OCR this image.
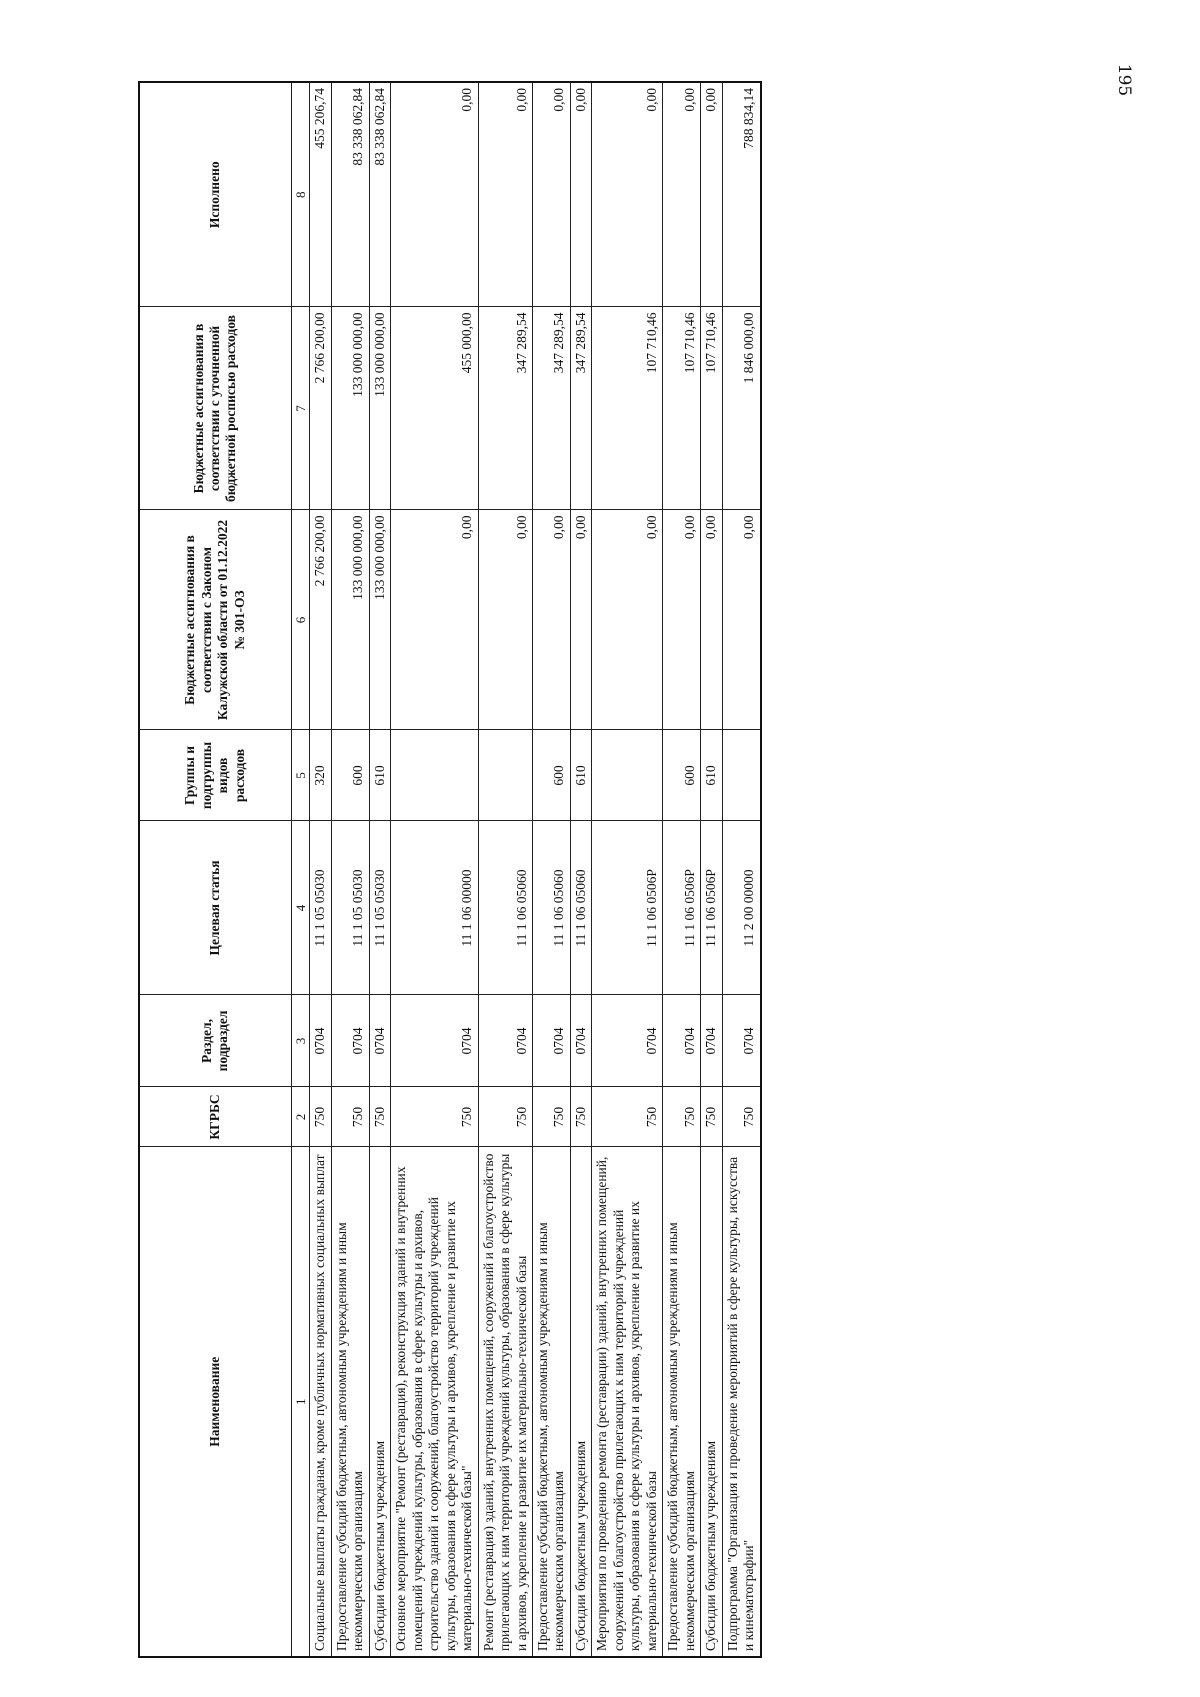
195
Наименование	КГРБС	Раздел, подраздел	Целевая статья	Группы и подгруппы видов расходов	Бюджетные ассигнования в соответствии с Законом Калужской области от 01.12.2022 № 301-ОЗ	Бюджетные ассигнования в соответствии с уточненной бюджетной росписью расходов	Исполнено
1	2	3	4	5	6	7	8
Социальные выплаты гражданам, кроме публичных нормативных социальных выплат	750	0704	11 1 05 05030	320	2 766 200,00	2 766 200,00	455 206,74
Предоставление субсидий бюджетным, автономным учреждениям и иным некоммерческим организациям	750	0704	11 1 05 05030	600	133 000 000,00	133 000 000,00	83 338 062,84
Субсидии бюджетным учреждениям	750	0704	11 1 05 05030	610	133 000 000,00	133 000 000,00	83 338 062,84
Основное мероприятие "Ремонт (реставрация), реконструкция зданий и внутренних помещений учреждений культуры, образования в сфере культуры и архивов, строительство зданий и сооружений, благоустройство территорий учреждений культуры, образования в сфере культуры и архивов, укрепление и развитие их материально-технической базы"	750	0704	11 1 06 00000		0,00	455 000,00	0,00
Ремонт (реставрация) зданий, внутренних помещений, сооружений и благоустройство прилегающих к ним территорий учреждений культуры, образования в сфере культуры и архивов, укрепление и развитие их материально-технической базы	750	0704	11 1 06 05060		0,00	347 289,54	0,00
Предоставление субсидий бюджетным, автономным учреждениям и иным некоммерческим организациям	750	0704	11 1 06 05060	600	0,00	347 289,54	0,00
Субсидии бюджетным учреждениям	750	0704	11 1 06 05060	610	0,00	347 289,54	0,00
Мероприятия по проведению ремонта (реставрации) зданий, внутренних помещений, сооружений и благоустройство прилегающих к ним территорий учреждений культуры, образования в сфере культуры и архивов, укрепление и развитие их материально-технической базы	750	0704	11 1 06 0506Р		0,00	107 710,46	0,00
Предоставление субсидий бюджетным, автономным учреждениям и иным некоммерческим организациям	750	0704	11 1 06 0506Р	600	0,00	107 710,46	0,00
Субсидии бюджетным учреждениям	750	0704	11 1 06 0506Р	610	0,00	107 710,46	0,00
Подпрограмма "Организация и проведение мероприятий в сфере культуры, искусства и кинематографии"	750	0704	11 2 00 00000		0,00	1 846 000,00	788 834,14
